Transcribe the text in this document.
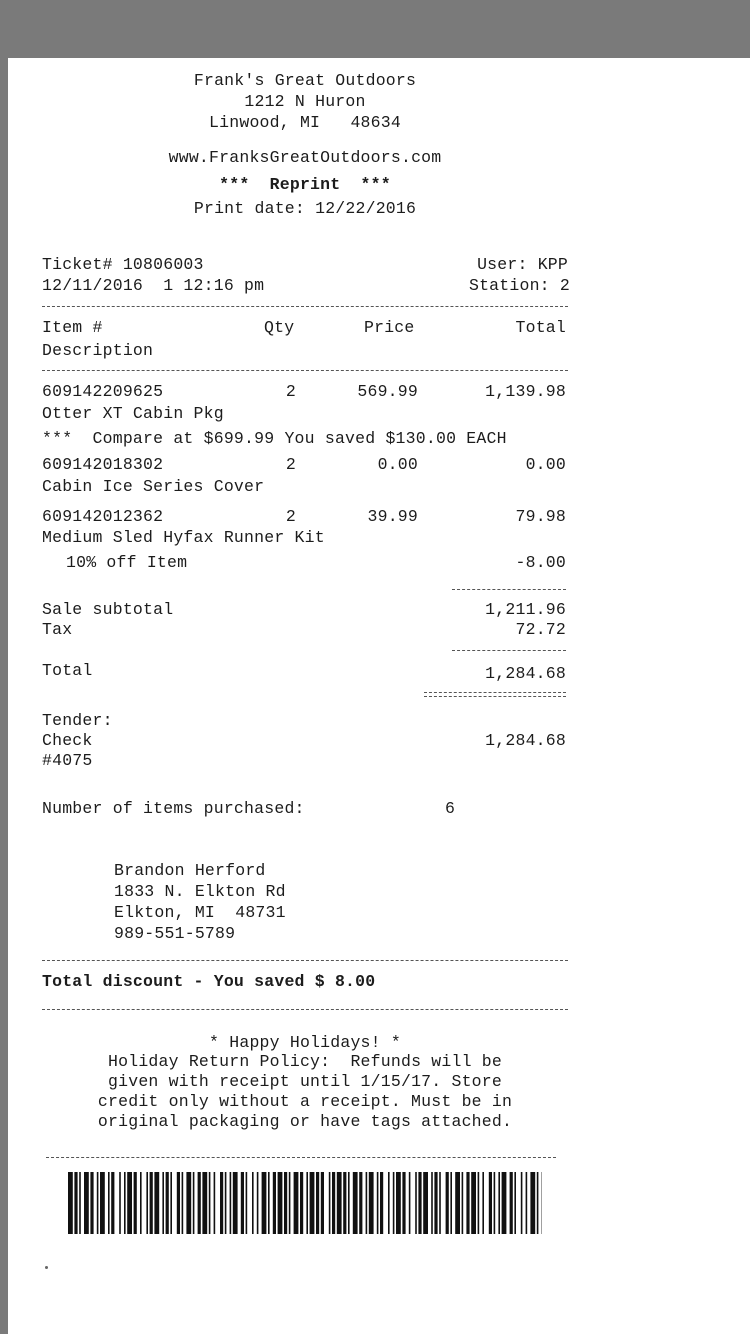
Frank's Great Outdoors
1212 N Huron
Linwood, MI   48634
www.FranksGreatOutdoors.com
***  Reprint  ***
Print date: 12/22/2016
Ticket# 10806003	User: KPP
12/11/2016  1 12:16 pm	Station: 2
Item #	Qty	Price	Total
Description
609142209625	2	569.99	1,139.98
Otter XT Cabin Pkg
***  Compare at $699.99 You saved $130.00 EACH
609142018302	2	0.00	0.00
Cabin Ice Series Cover
609142012362	2	39.99	79.98
Medium Sled Hyfax Runner Kit
10% off Item	-8.00
Sale subtotal	1,211.96
Tax	72.72
Total	1,284.68
Tender:
Check	1,284.68
#4075
Number of items purchased:	6
Brandon Herford
1833 N. Elkton Rd
Elkton, MI  48731
989-551-5789
Total discount - You saved $ 8.00
* Happy Holidays! *
Holiday Return Policy:  Refunds will be
given with receipt until 1/15/17. Store
credit only without a receipt. Must be in
original packaging or have tags attached.
